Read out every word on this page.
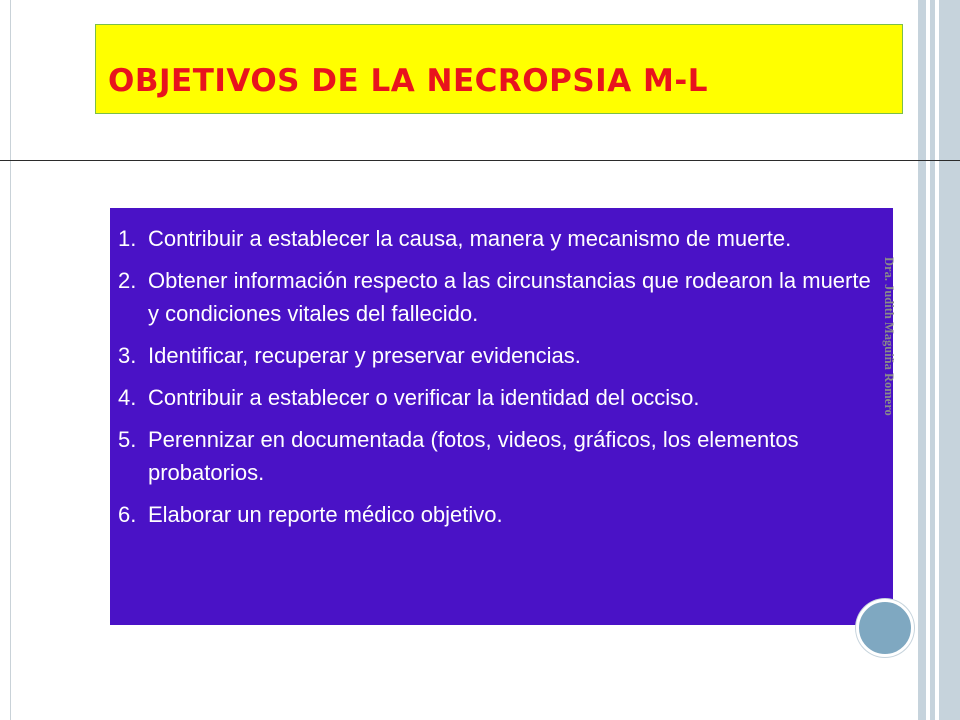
OBJETIVOS DE LA NECROPSIA M-L
1. Contribuir a establecer la causa, manera y mecanismo de muerte.
2. Obtener información respecto a las circunstancias que rodearon la muerte y condiciones vitales del fallecido.
3. Identificar, recuperar y preservar evidencias.
4. Contribuir a establecer o verificar la identidad del occiso.
5. Perennizar en documentada (fotos, videos, gráficos, los elementos probatorios.
6. Elaborar un reporte médico objetivo.

Dra. Judith Maguiña Romero
